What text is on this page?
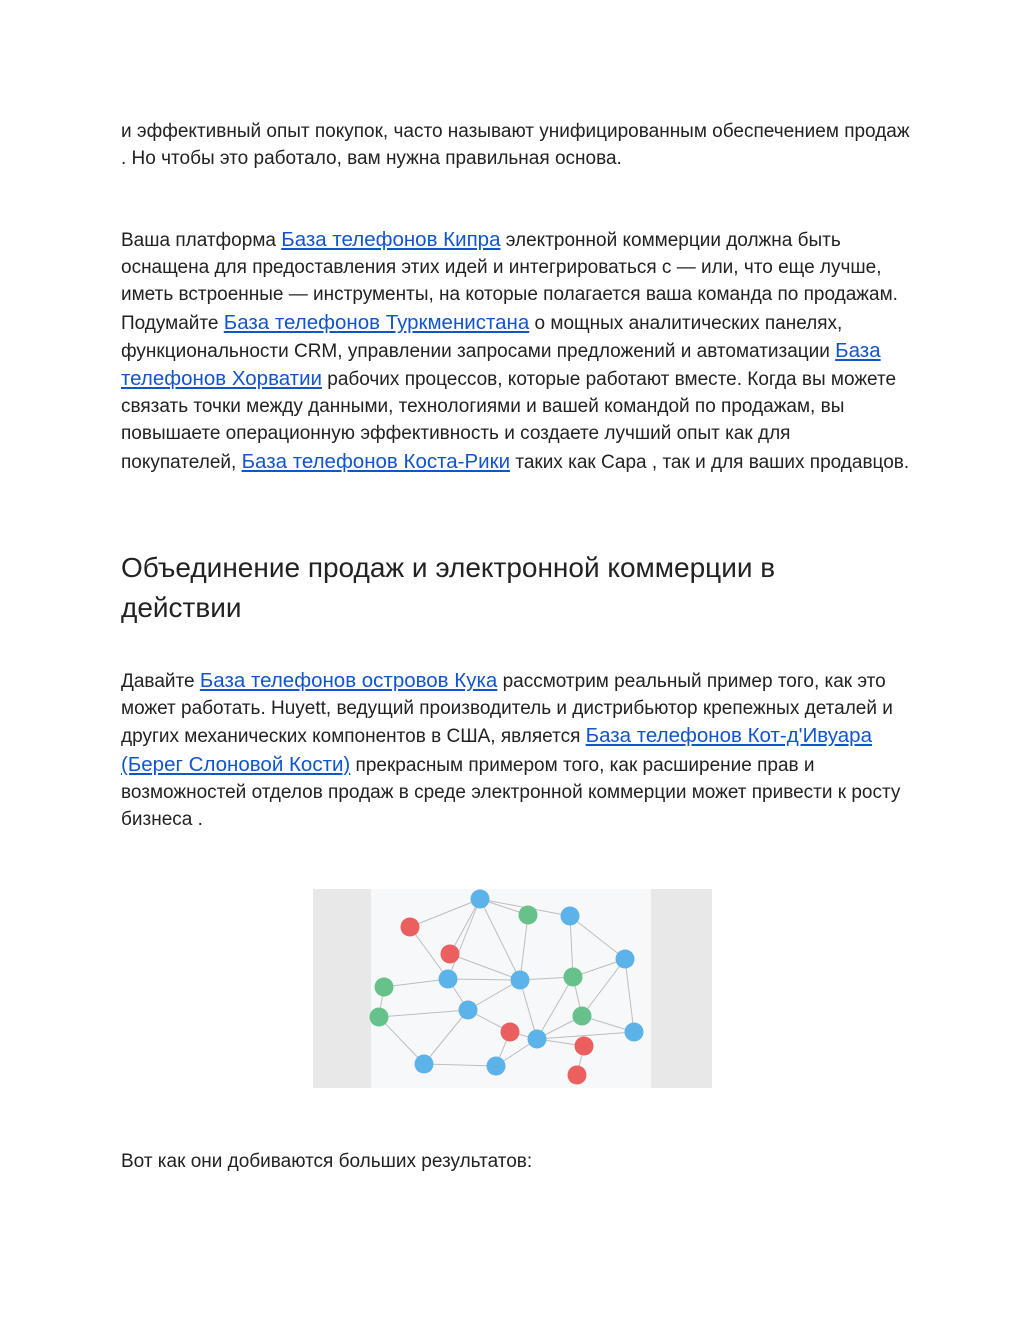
и эффективный опыт покупок, часто называют унифицированным обеспечением продаж . Но чтобы это работало, вам нужна правильная основа.

Ваша платформа База телефонов Кипра электронной коммерции должна быть оснащена для предоставления этих идей и интегрироваться с — или, что еще лучше, иметь встроенные — инструменты, на которые полагается ваша команда по продажам. Подумайте База телефонов Туркменистана о мощных аналитических панелях, функциональности CRM, управлении запросами предложений и автоматизации База телефонов Хорватии рабочих процессов, которые работают вместе. Когда вы можете связать точки между данными, технологиями и вашей командой по продажам, вы повышаете операционную эффективность и создаете лучший опыт как для покупателей, База телефонов Коста-Рики таких как Сара , так и для ваших продавцов.

Объединение продаж и электронной коммерции в действии

Давайте База телефонов островов Кука рассмотрим реальный пример того, как это может работать. Huyett, ведущий производитель и дистрибьютор крепежных деталей и других механических компонентов в США, является База телефонов Кот-д'Ивуара (Берег Слоновой Кости) прекрасным примером того, как расширение прав и возможностей отделов продаж в среде электронной коммерции может привести к росту бизнеса .

Вот как они добиваются больших результатов:
